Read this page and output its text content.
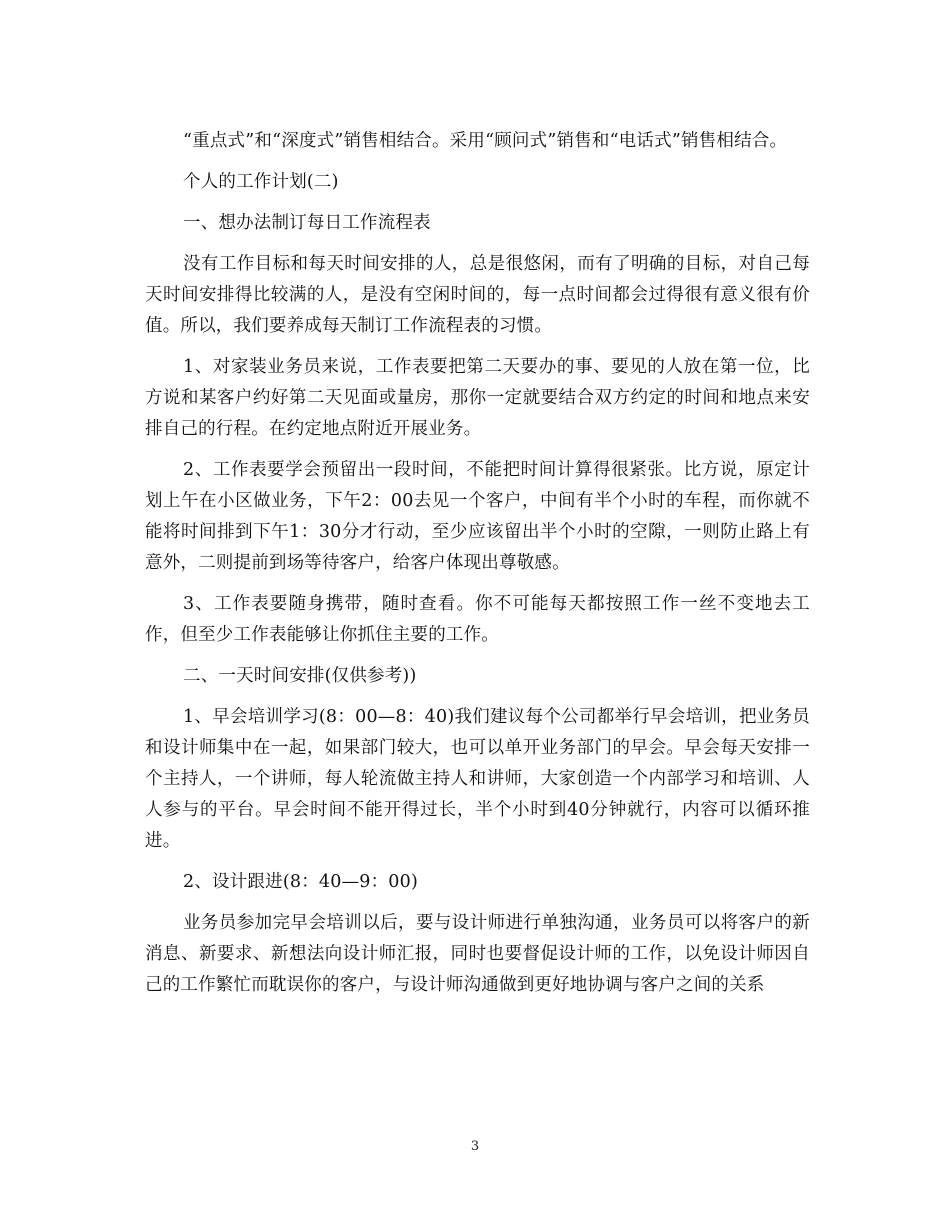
“重点式”和“深度式”销售相结合。采用“顾问式”销售和“电话式”销售相结合。

个人的工作计划(二)

一、想办法制订每日工作流程表

没有工作目标和每天时间安排的人，总是很悠闲，而有了明确的目标，对自己每天时间安排得比较满的人，是没有空闲时间的，每一点时间都会过得很有意义很有价值。所以，我们要养成每天制订工作流程表的习惯。

1、对家装业务员来说，工作表要把第二天要办的事、要见的人放在第一位，比方说和某客户约好第二天见面或量房，那你一定就要结合双方约定的时间和地点来安排自己的行程。在约定地点附近开展业务。

2、工作表要学会预留出一段时间，不能把时间计算得很紧张。比方说，原定计划上午在小区做业务，下午2：00去见一个客户，中间有半个小时的车程，而你就不能将时间排到下午1：30分才行动，至少应该留出半个小时的空隙，一则防止路上有意外，二则提前到场等待客户，给客户体现出尊敬感。

3、工作表要随身携带，随时查看。你不可能每天都按照工作一丝不变地去工作，但至少工作表能够让你抓住主要的工作。

二、一天时间安排(仅供参考))

1、早会培训学习(8：00—8：40)我们建议每个公司都举行早会培训，把业务员和设计师集中在一起，如果部门较大，也可以单开业务部门的早会。早会每天安排一个主持人，一个讲师，每人轮流做主持人和讲师，大家创造一个内部学习和培训、人人参与的平台。早会时间不能开得过长，半个小时到40分钟就行，内容可以循环推进。

2、设计跟进(8：40—9：00)

业务员参加完早会培训以后，要与设计师进行单独沟通，业务员可以将客户的新消息、新要求、新想法向设计师汇报，同时也要督促设计师的工作，以免设计师因自己的工作繁忙而耽误你的客户，与设计师沟通做到更好地协调与客户之间的关系

3
